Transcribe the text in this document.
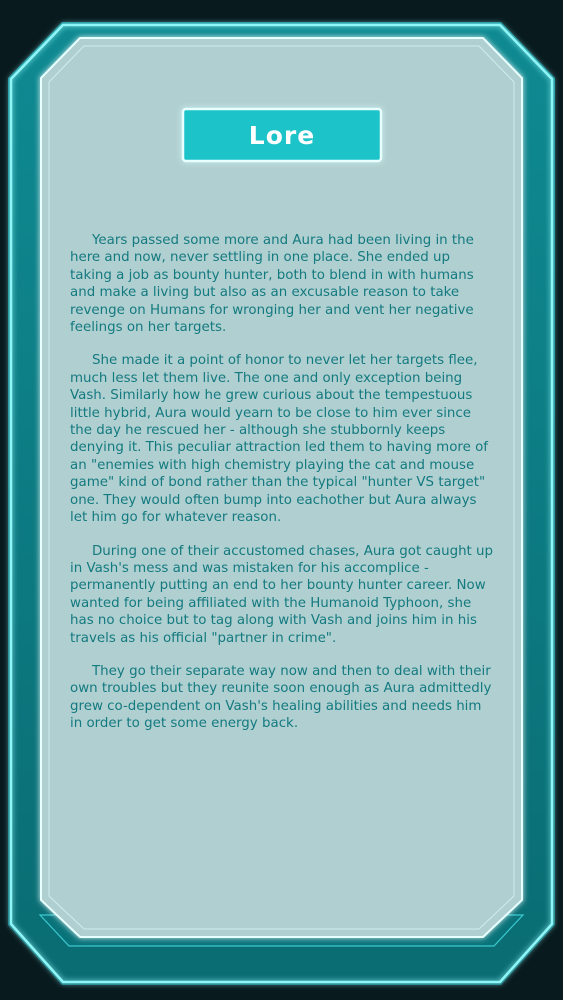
Lore

Years passed some more and Aura had been living in the here and now, never settling in one place. She ended up taking a job as bounty hunter, both to blend in with humans and make a living but also as an excusable reason to take revenge on Humans for wronging her and vent her negative feelings on her targets.

She made it a point of honor to never let her targets flee, much less let them live. The one and only exception being Vash. Similarly how he grew curious about the tempestuous little hybrid, Aura would yearn to be close to him ever since the day he rescued her - although she stubbornly keeps denying it. This peculiar attraction led them to having more of an "enemies with high chemistry playing the cat and mouse game" kind of bond rather than the typical "hunter VS target" one. They would often bump into eachother but Aura always let him go for whatever reason.

During one of their accustomed chases, Aura got caught up in Vash's mess and was mistaken for his accomplice - permanently putting an end to her bounty hunter career. Now wanted for being affiliated with the Humanoid Typhoon, she has no choice but to tag along with Vash and joins him in his travels as his official "partner in crime".

They go their separate way now and then to deal with their own troubles but they reunite soon enough as Aura admittedly grew co-dependent on Vash's healing abilities and needs him in order to get some energy back.
